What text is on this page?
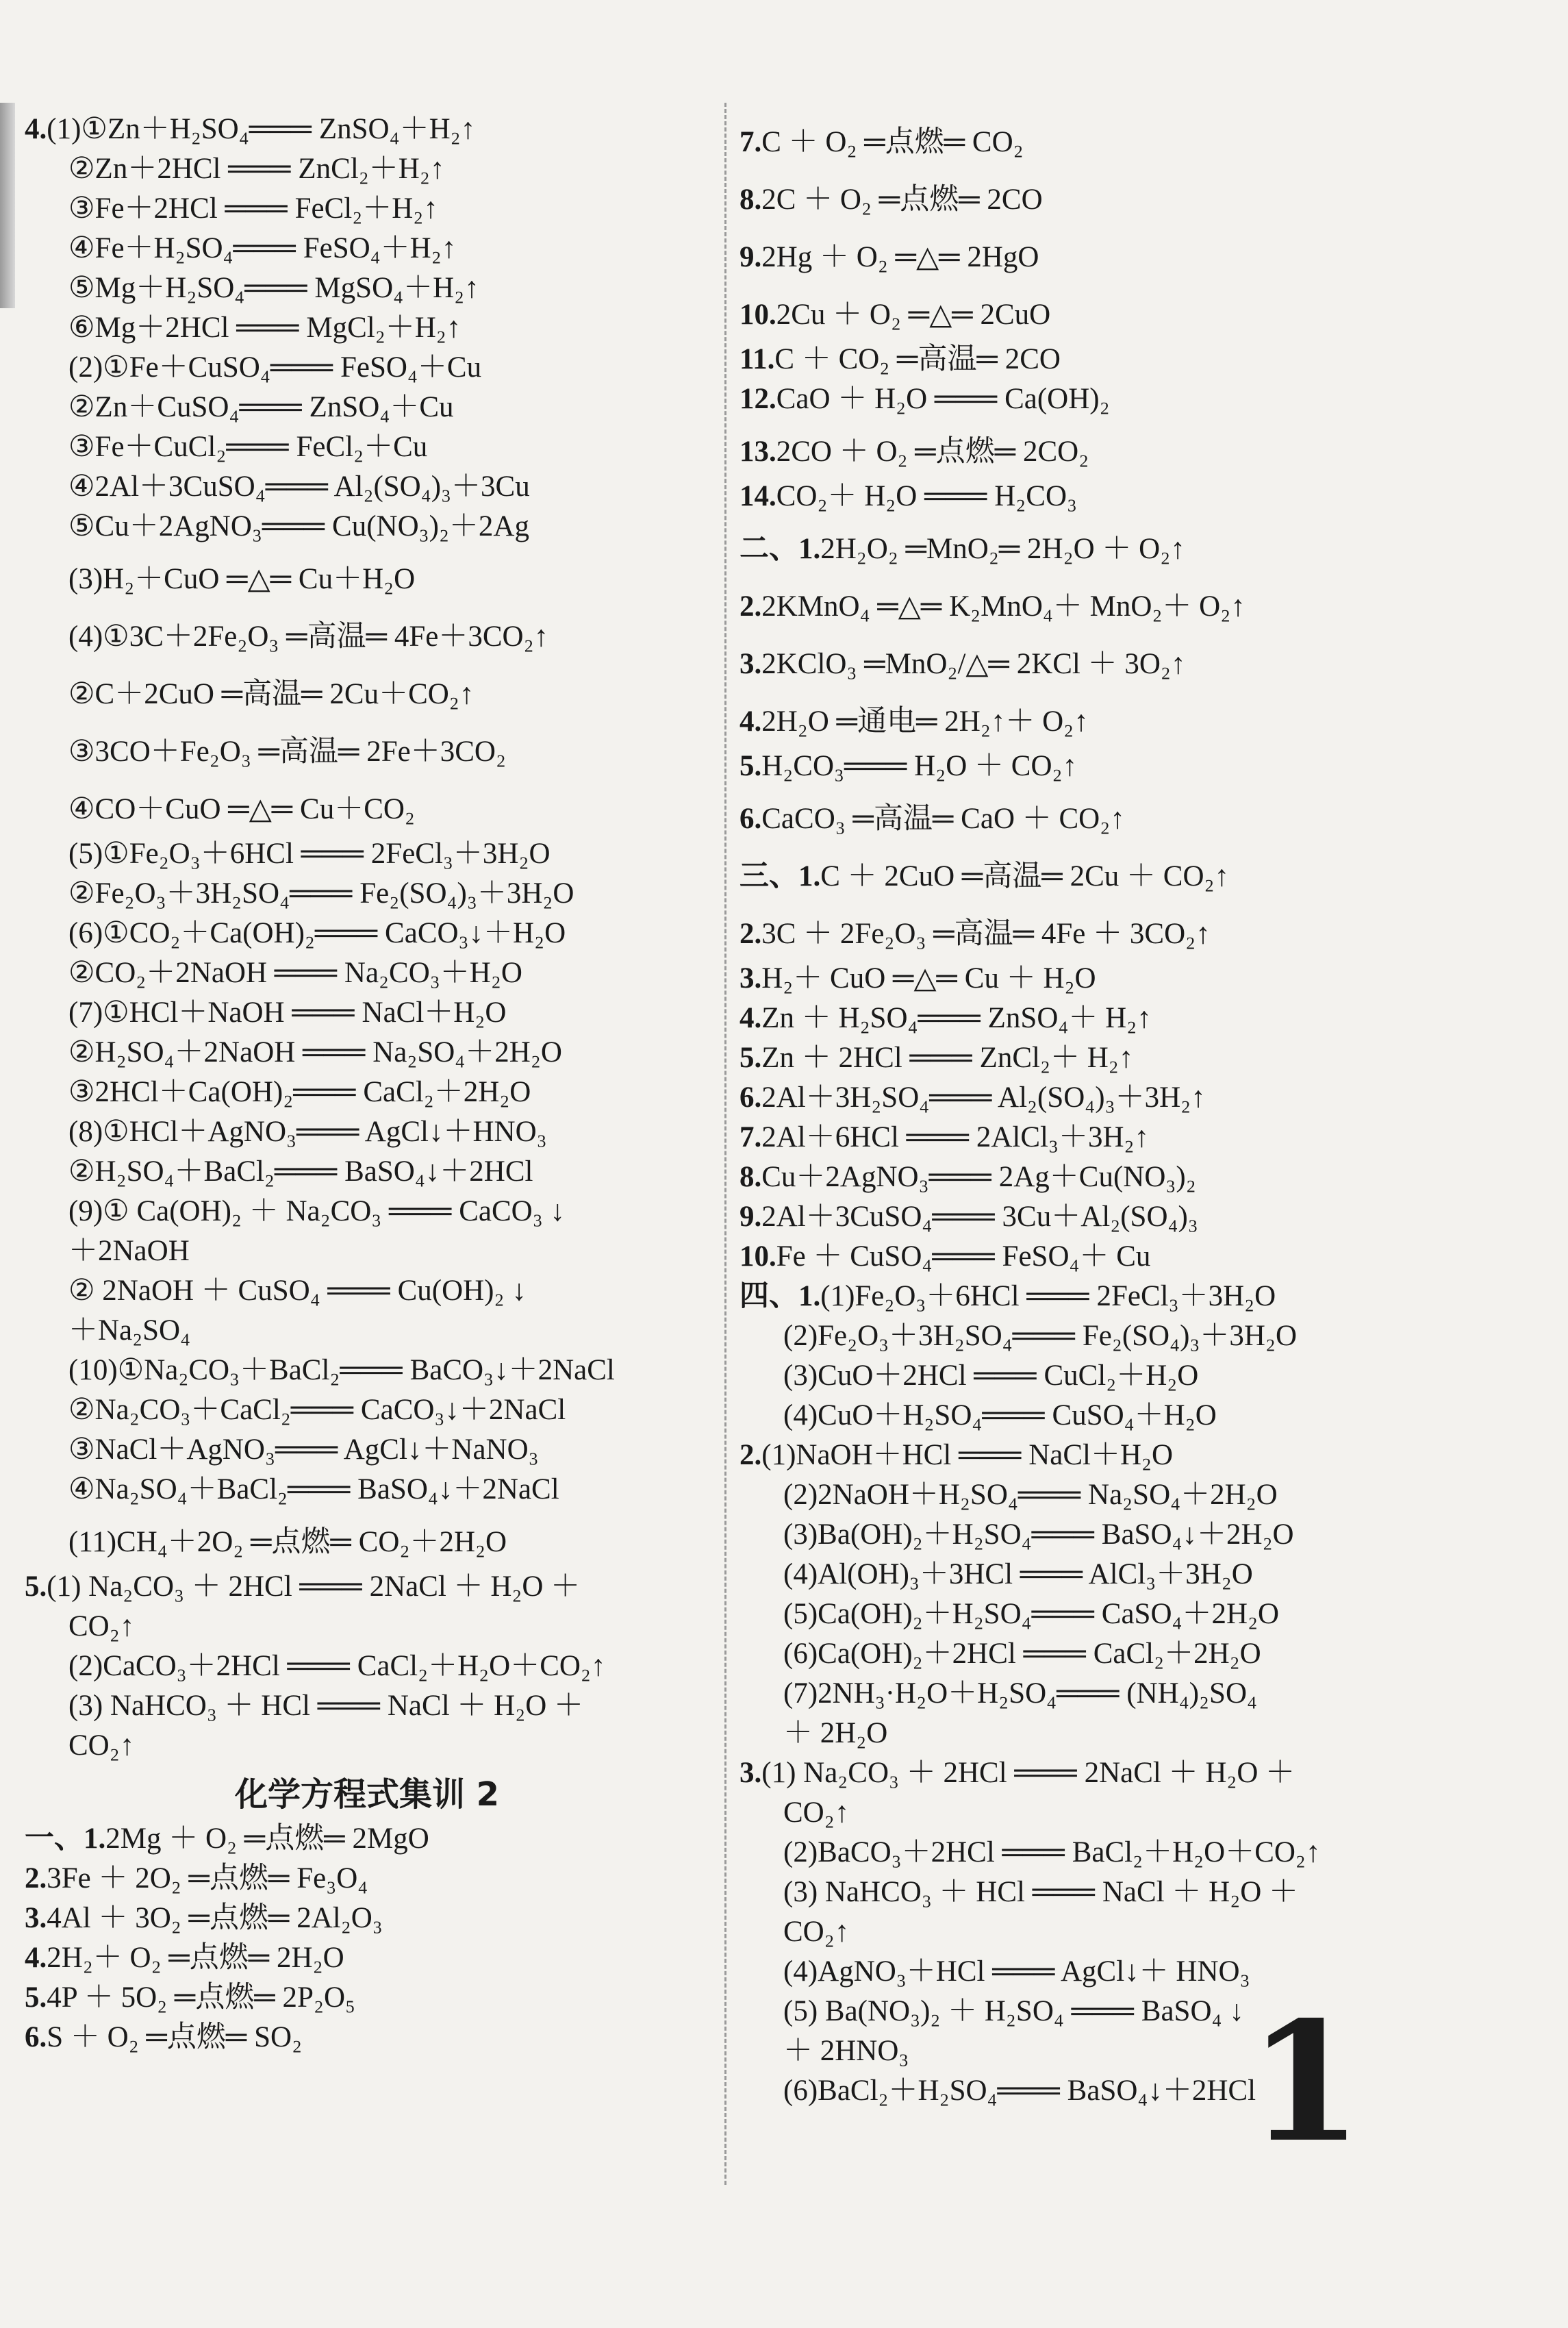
4.(1)①Zn＋H₂SO₄═══ ZnSO₄＋H₂↑
②Zn＋2HCl ═══ ZnCl₂＋H₂↑
③Fe＋2HCl ═══ FeCl₂＋H₂↑
④Fe＋H₂SO₄═══ FeSO₄＋H₂↑
⑤Mg＋H₂SO₄═══ MgSO₄＋H₂↑
⑥Mg＋2HCl ═══ MgCl₂＋H₂↑
(2)①Fe＋CuSO₄═══ FeSO₄＋Cu
②Zn＋CuSO₄═══ ZnSO₄＋Cu
③Fe＋CuCl₂═══ FeCl₂＋Cu
④2Al＋3CuSO₄═══ Al₂(SO₄)₃＋3Cu
⑤Cu＋2AgNO₃═══ Cu(NO₃)₂＋2Ag
(3)H₂＋CuO ═△═ Cu＋H₂O
(4)①3C＋2Fe₂O₃ ═高温═ 4Fe＋3CO₂↑
②C＋2CuO ═高温═ 2Cu＋CO₂↑
③3CO＋Fe₂O₃ ═高温═ 2Fe＋3CO₂
④CO＋CuO ═△═ Cu＋CO₂
(5)①Fe₂O₃＋6HCl ═══ 2FeCl₃＋3H₂O
②Fe₂O₃＋3H₂SO₄═══ Fe₂(SO₄)₃＋3H₂O
(6)①CO₂＋Ca(OH)₂═══ CaCO₃↓＋H₂O
②CO₂＋2NaOH ═══ Na₂CO₃＋H₂O
(7)①HCl＋NaOH ═══ NaCl＋H₂O
②H₂SO₄＋2NaOH ═══ Na₂SO₄＋2H₂O
③2HCl＋Ca(OH)₂═══ CaCl₂＋2H₂O
(8)①HCl＋AgNO₃═══ AgCl↓＋HNO₃
②H₂SO₄＋BaCl₂═══ BaSO₄↓＋2HCl
(9)① Ca(OH)₂ ＋ Na₂CO₃ ═══ CaCO₃ ↓
＋2NaOH
② 2NaOH ＋ CuSO₄ ═══ Cu(OH)₂ ↓
＋Na₂SO₄
(10)①Na₂CO₃＋BaCl₂═══ BaCO₃↓＋2NaCl
②Na₂CO₃＋CaCl₂═══ CaCO₃↓＋2NaCl
③NaCl＋AgNO₃═══ AgCl↓＋NaNO₃
④Na₂SO₄＋BaCl₂═══ BaSO₄↓＋2NaCl
(11)CH₄＋2O₂ ═点燃═ CO₂＋2H₂O
5.(1) Na₂CO₃ ＋ 2HCl ═══ 2NaCl ＋ H₂O ＋
CO₂↑
(2)CaCO₃＋2HCl ═══ CaCl₂＋H₂O＋CO₂↑
(3) NaHCO₃ ＋ HCl ═══ NaCl ＋ H₂O ＋
CO₂↑
化学方程式集训 2
一、1.2Mg ＋ O₂ ═点燃═ 2MgO
2.3Fe ＋ 2O₂ ═点燃═ Fe₃O₄
3.4Al ＋ 3O₂ ═点燃═ 2Al₂O₃
4.2H₂＋ O₂ ═点燃═ 2H₂O
5.4P ＋ 5O₂ ═点燃═ 2P₂O₅
6.S ＋ O₂ ═点燃═ SO₂
7.C ＋ O₂ ═点燃═ CO₂
8.2C ＋ O₂ ═点燃═ 2CO
9.2Hg ＋ O₂ ═△═ 2HgO
10.2Cu ＋ O₂ ═△═ 2CuO
11.C ＋ CO₂ ═高温═ 2CO
12.CaO ＋ H₂O ═══ Ca(OH)₂
13.2CO ＋ O₂ ═点燃═ 2CO₂
14.CO₂＋ H₂O ═══ H₂CO₃
二、1.2H₂O₂ ═MnO₂═ 2H₂O ＋ O₂↑
2.2KMnO₄ ═△═ K₂MnO₄＋ MnO₂＋ O₂↑
3.2KClO₃ ═MnO₂/△═ 2KCl ＋ 3O₂↑
4.2H₂O ═通电═ 2H₂↑＋ O₂↑
5.H₂CO₃═══ H₂O ＋ CO₂↑
6.CaCO₃ ═高温═ CaO ＋ CO₂↑
三、1.C ＋ 2CuO ═高温═ 2Cu ＋ CO₂↑
2.3C ＋ 2Fe₂O₃ ═高温═ 4Fe ＋ 3CO₂↑
3.H₂＋ CuO ═△═ Cu ＋ H₂O
4.Zn ＋ H₂SO₄═══ ZnSO₄＋ H₂↑
5.Zn ＋ 2HCl ═══ ZnCl₂＋ H₂↑
6.2Al＋3H₂SO₄═══ Al₂(SO₄)₃＋3H₂↑
7.2Al＋6HCl ═══ 2AlCl₃＋3H₂↑
8.Cu＋2AgNO₃═══ 2Ag＋Cu(NO₃)₂
9.2Al＋3CuSO₄═══ 3Cu＋Al₂(SO₄)₃
10.Fe ＋ CuSO₄═══ FeSO₄＋ Cu
四、1.(1)Fe₂O₃＋6HCl ═══ 2FeCl₃＋3H₂O
(2)Fe₂O₃＋3H₂SO₄═══ Fe₂(SO₄)₃＋3H₂O
(3)CuO＋2HCl ═══ CuCl₂＋H₂O
(4)CuO＋H₂SO₄═══ CuSO₄＋H₂O
2.(1)NaOH＋HCl ═══ NaCl＋H₂O
(2)2NaOH＋H₂SO₄═══ Na₂SO₄＋2H₂O
(3)Ba(OH)₂＋H₂SO₄═══ BaSO₄↓＋2H₂O
(4)Al(OH)₃＋3HCl ═══ AlCl₃＋3H₂O
(5)Ca(OH)₂＋H₂SO₄═══ CaSO₄＋2H₂O
(6)Ca(OH)₂＋2HCl ═══ CaCl₂＋2H₂O
(7)2NH₃·H₂O＋H₂SO₄═══ (NH₄)₂SO₄
＋ 2H₂O
3.(1) Na₂CO₃ ＋ 2HCl ═══ 2NaCl ＋ H₂O ＋
CO₂↑
(2)BaCO₃＋2HCl ═══ BaCl₂＋H₂O＋CO₂↑
(3) NaHCO₃ ＋ HCl ═══ NaCl ＋ H₂O ＋
CO₂↑
(4)AgNO₃＋HCl ═══ AgCl↓＋ HNO₃
(5) Ba(NO₃)₂ ＋ H₂SO₄ ═══ BaSO₄ ↓
＋ 2HNO₃
(6)BaCl₂＋H₂SO₄═══ BaSO₄↓＋2HCl
1
